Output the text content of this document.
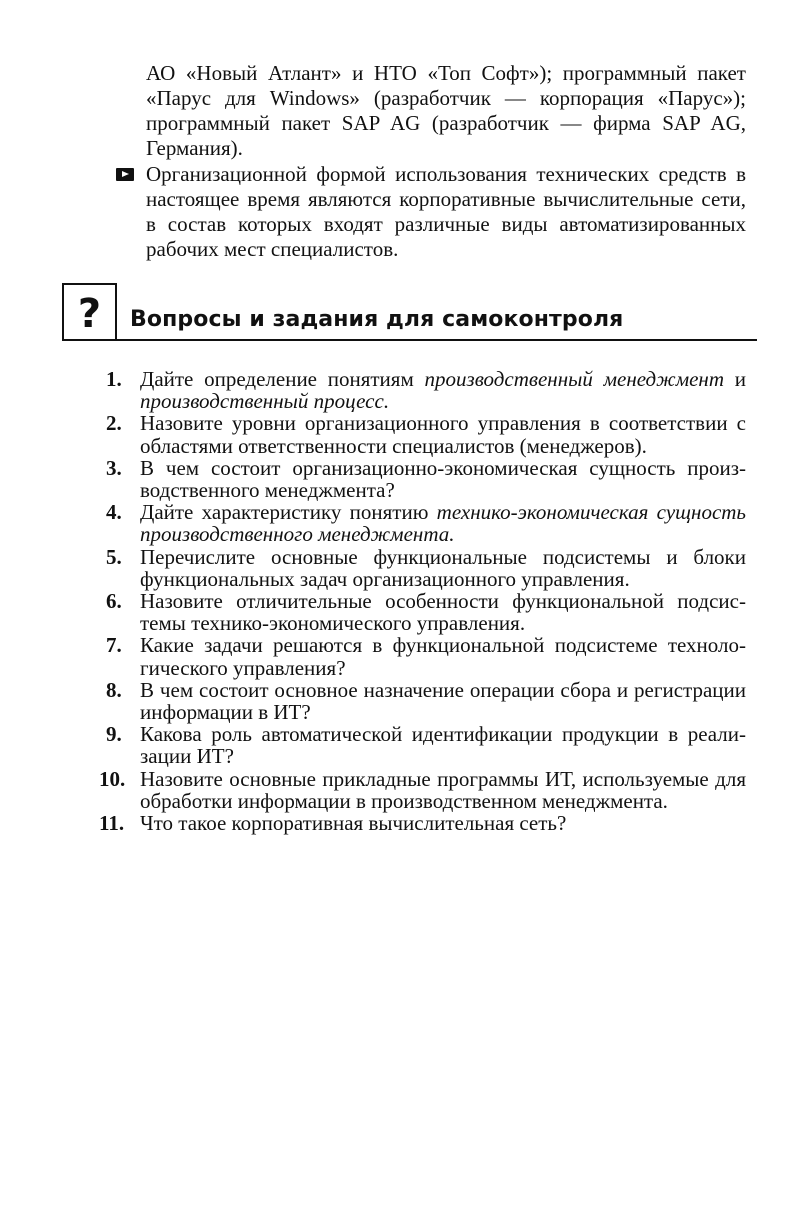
АО «Новый Атлант» и НТО «Топ Софт»); программный пакет «Парус для Windows» (разработчик — корпорация «Парус»); программный пакет SAP AG (разработчик — фирма SAP AG, Германия).

Организационной формой использования технических средств в настоящее время являются корпоративные вычислительные сети, в состав которых входят различные виды автоматизированных рабочих мест специалистов.

?	Вопросы и задания для самоконтроля
1. Дайте определение понятиям производственный менеджмент и производственный процесс.
2. Назовите уровни организационного управления в соответствии с областями ответственности специалистов (менеджеров).
3. В чем состоит организационно-экономическая сущность производственного менеджмента?
4. Дайте характеристику понятию технико-экономическая сущность производственного менеджмента.
5. Перечислите основные функциональные подсистемы и блоки функциональных задач организационного управления.
6. Назовите отличительные особенности функциональной подсистемы технико-экономического управления.
7. Какие задачи решаются в функциональной подсистеме технологического управления?
8. В чем состоит основное назначение операции сбора и регистрации информации в ИТ?
9. Какова роль автоматической идентификации продукции в реализации ИТ?
10. Назовите основные прикладные программы ИТ, используемые для обработки информации в производственном менеджмента.
11. Что такое корпоративная вычислительная сеть?
